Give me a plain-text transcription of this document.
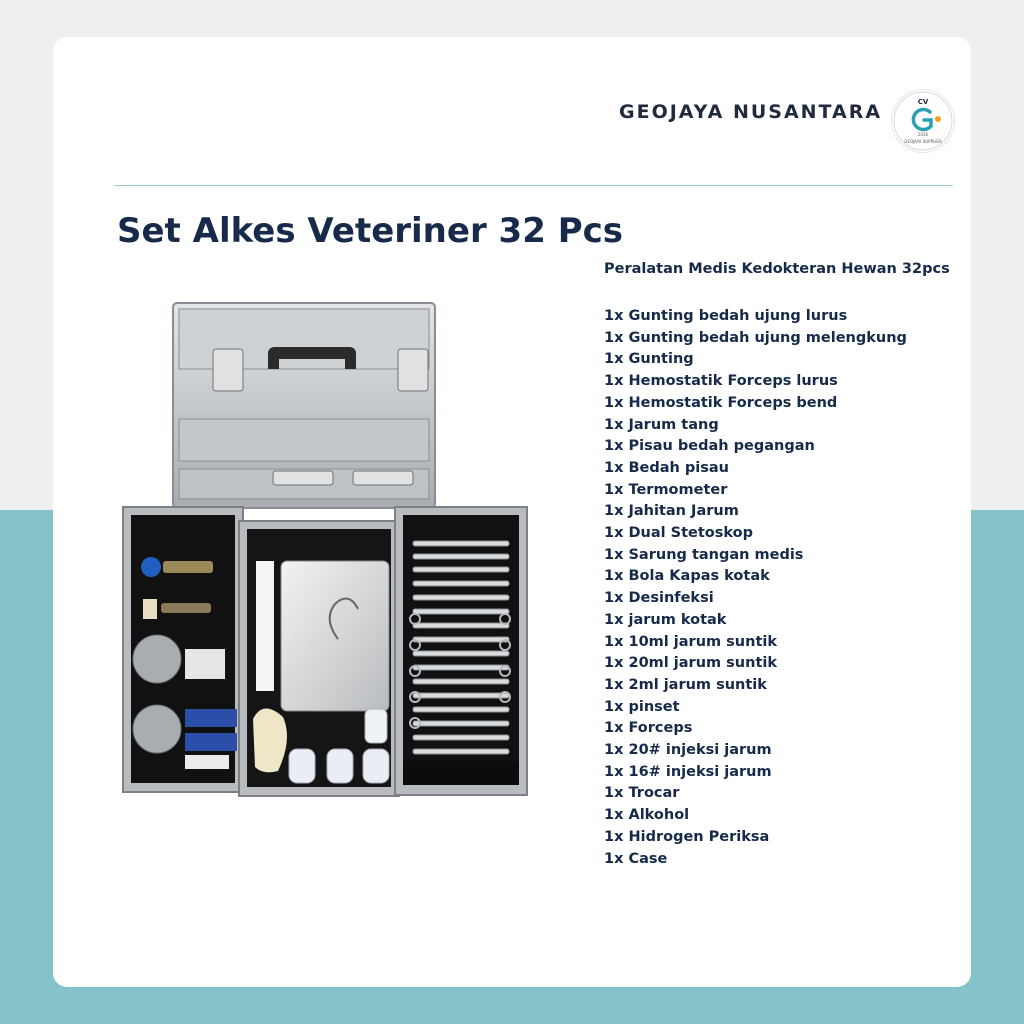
GEOJAYA NUSANTARA	CV
2016
GEOJAYA SUPPLIER
Set Alkes Veteriner 32 Pcs
Peralatan Medis Kedokteran Hewan 32pcs
1x Gunting bedah ujung lurus
1x Gunting bedah ujung melengkung
1x Gunting
1x Hemostatik Forceps lurus
1x Hemostatik Forceps bend
1x Jarum tang
1x Pisau bedah pegangan
1x Bedah pisau
1x Termometer
1x Jahitan Jarum
1x Dual Stetoskop
1x Sarung tangan medis
1x Bola Kapas kotak
1x Desinfeksi
1x jarum kotak
1x 10ml jarum suntik
1x 20ml jarum suntik
1x 2ml jarum suntik
1x pinset
1x Forceps
1x 20# injeksi jarum
1x 16# injeksi jarum
1x Trocar
1x Alkohol
1x Hidrogen Periksa
1x Case
